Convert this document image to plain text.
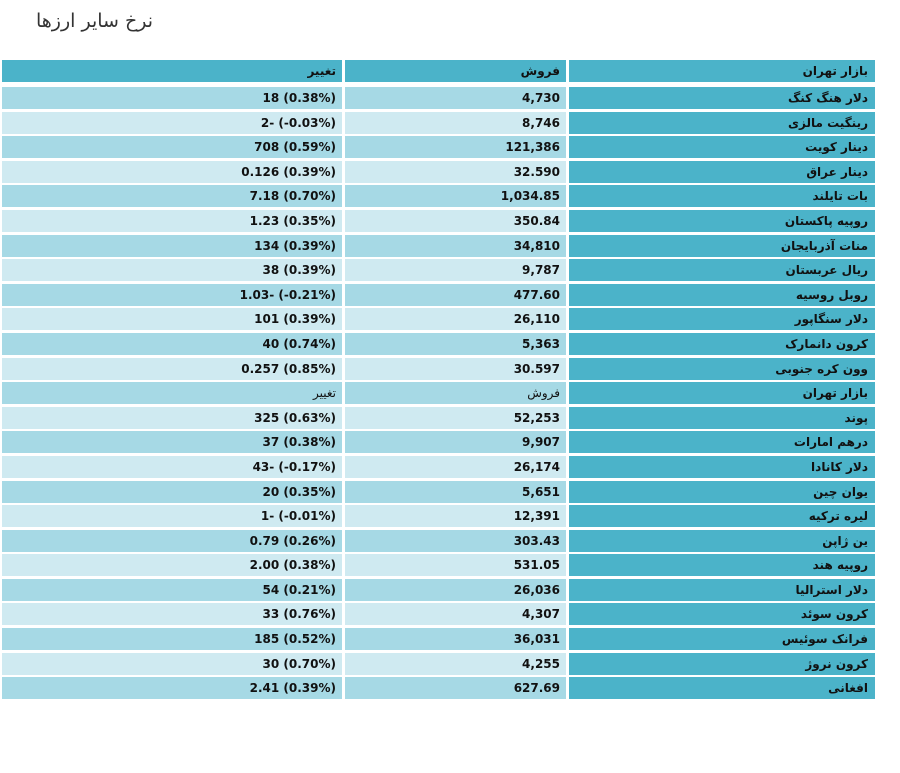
نرخ سایر ارزها
تغییر	فروش	بازار تهران
18 (0.38%)	4,730	دلار هنگ کنگ
2- (-0.03%)	8,746	رینگیت مالزی
708 (0.59%)	121,386	دینار کویت
0.126 (0.39%)	32.590	دینار عراق
7.18 (0.70%)	1,034.85	بات تایلند
1.23 (0.35%)	350.84	روپیه پاکستان
134 (0.39%)	34,810	منات آذربایجان
38 (0.39%)	9,787	ریال عربستان
1.03- (-0.21%)	477.60	روبل روسیه
101 (0.39%)	26,110	دلار سنگاپور
40 (0.74%)	5,363	کرون دانمارک
0.257 (0.85%)	30.597	وون کره جنوبی
تغییر	فروش	بازار تهران
325 (0.63%)	52,253	پوند
37 (0.38%)	9,907	درهم امارات
43- (-0.17%)	26,174	دلار کانادا
20 (0.35%)	5,651	یوان چین
1- (-0.01%)	12,391	لیره ترکیه
0.79 (0.26%)	303.43	ین ژاپن
2.00 (0.38%)	531.05	روپیه هند
54 (0.21%)	26,036	دلار استرالیا
33 (0.76%)	4,307	کرون سوئد
185 (0.52%)	36,031	فرانک سوئیس
30 (0.70%)	4,255	کرون نروژ
2.41 (0.39%)	627.69	افغانی
